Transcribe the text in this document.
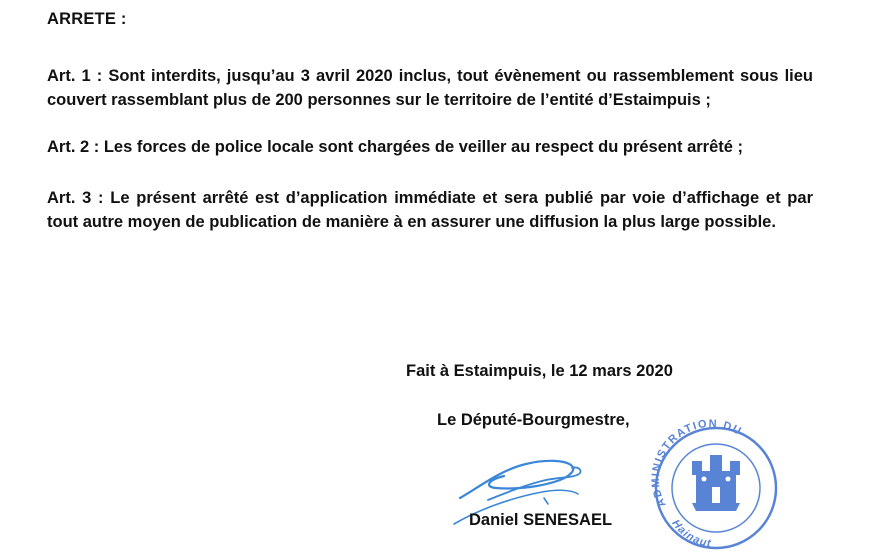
ARRETE :

Art. 1 : Sont interdits, jusqu’au 3 avril 2020 inclus, tout évènement ou rassemblement sous lieu couvert rassemblant plus de 200 personnes sur le territoire de l’entité d’Estaimpuis ;

Art. 2 : Les forces de police locale sont chargées de veiller au respect du présent arrêté ;

Art. 3 : Le présent arrêté est d’application immédiate et sera publié par voie d’affichage et par tout autre moyen de publication de manière à en assurer une diffusion la plus large possible.

Fait à Estaimpuis, le 12 mars 2020
Le Député-Bourgmestre,
Daniel SENESAEL
ADMINISTRATION DU
Hainaut
